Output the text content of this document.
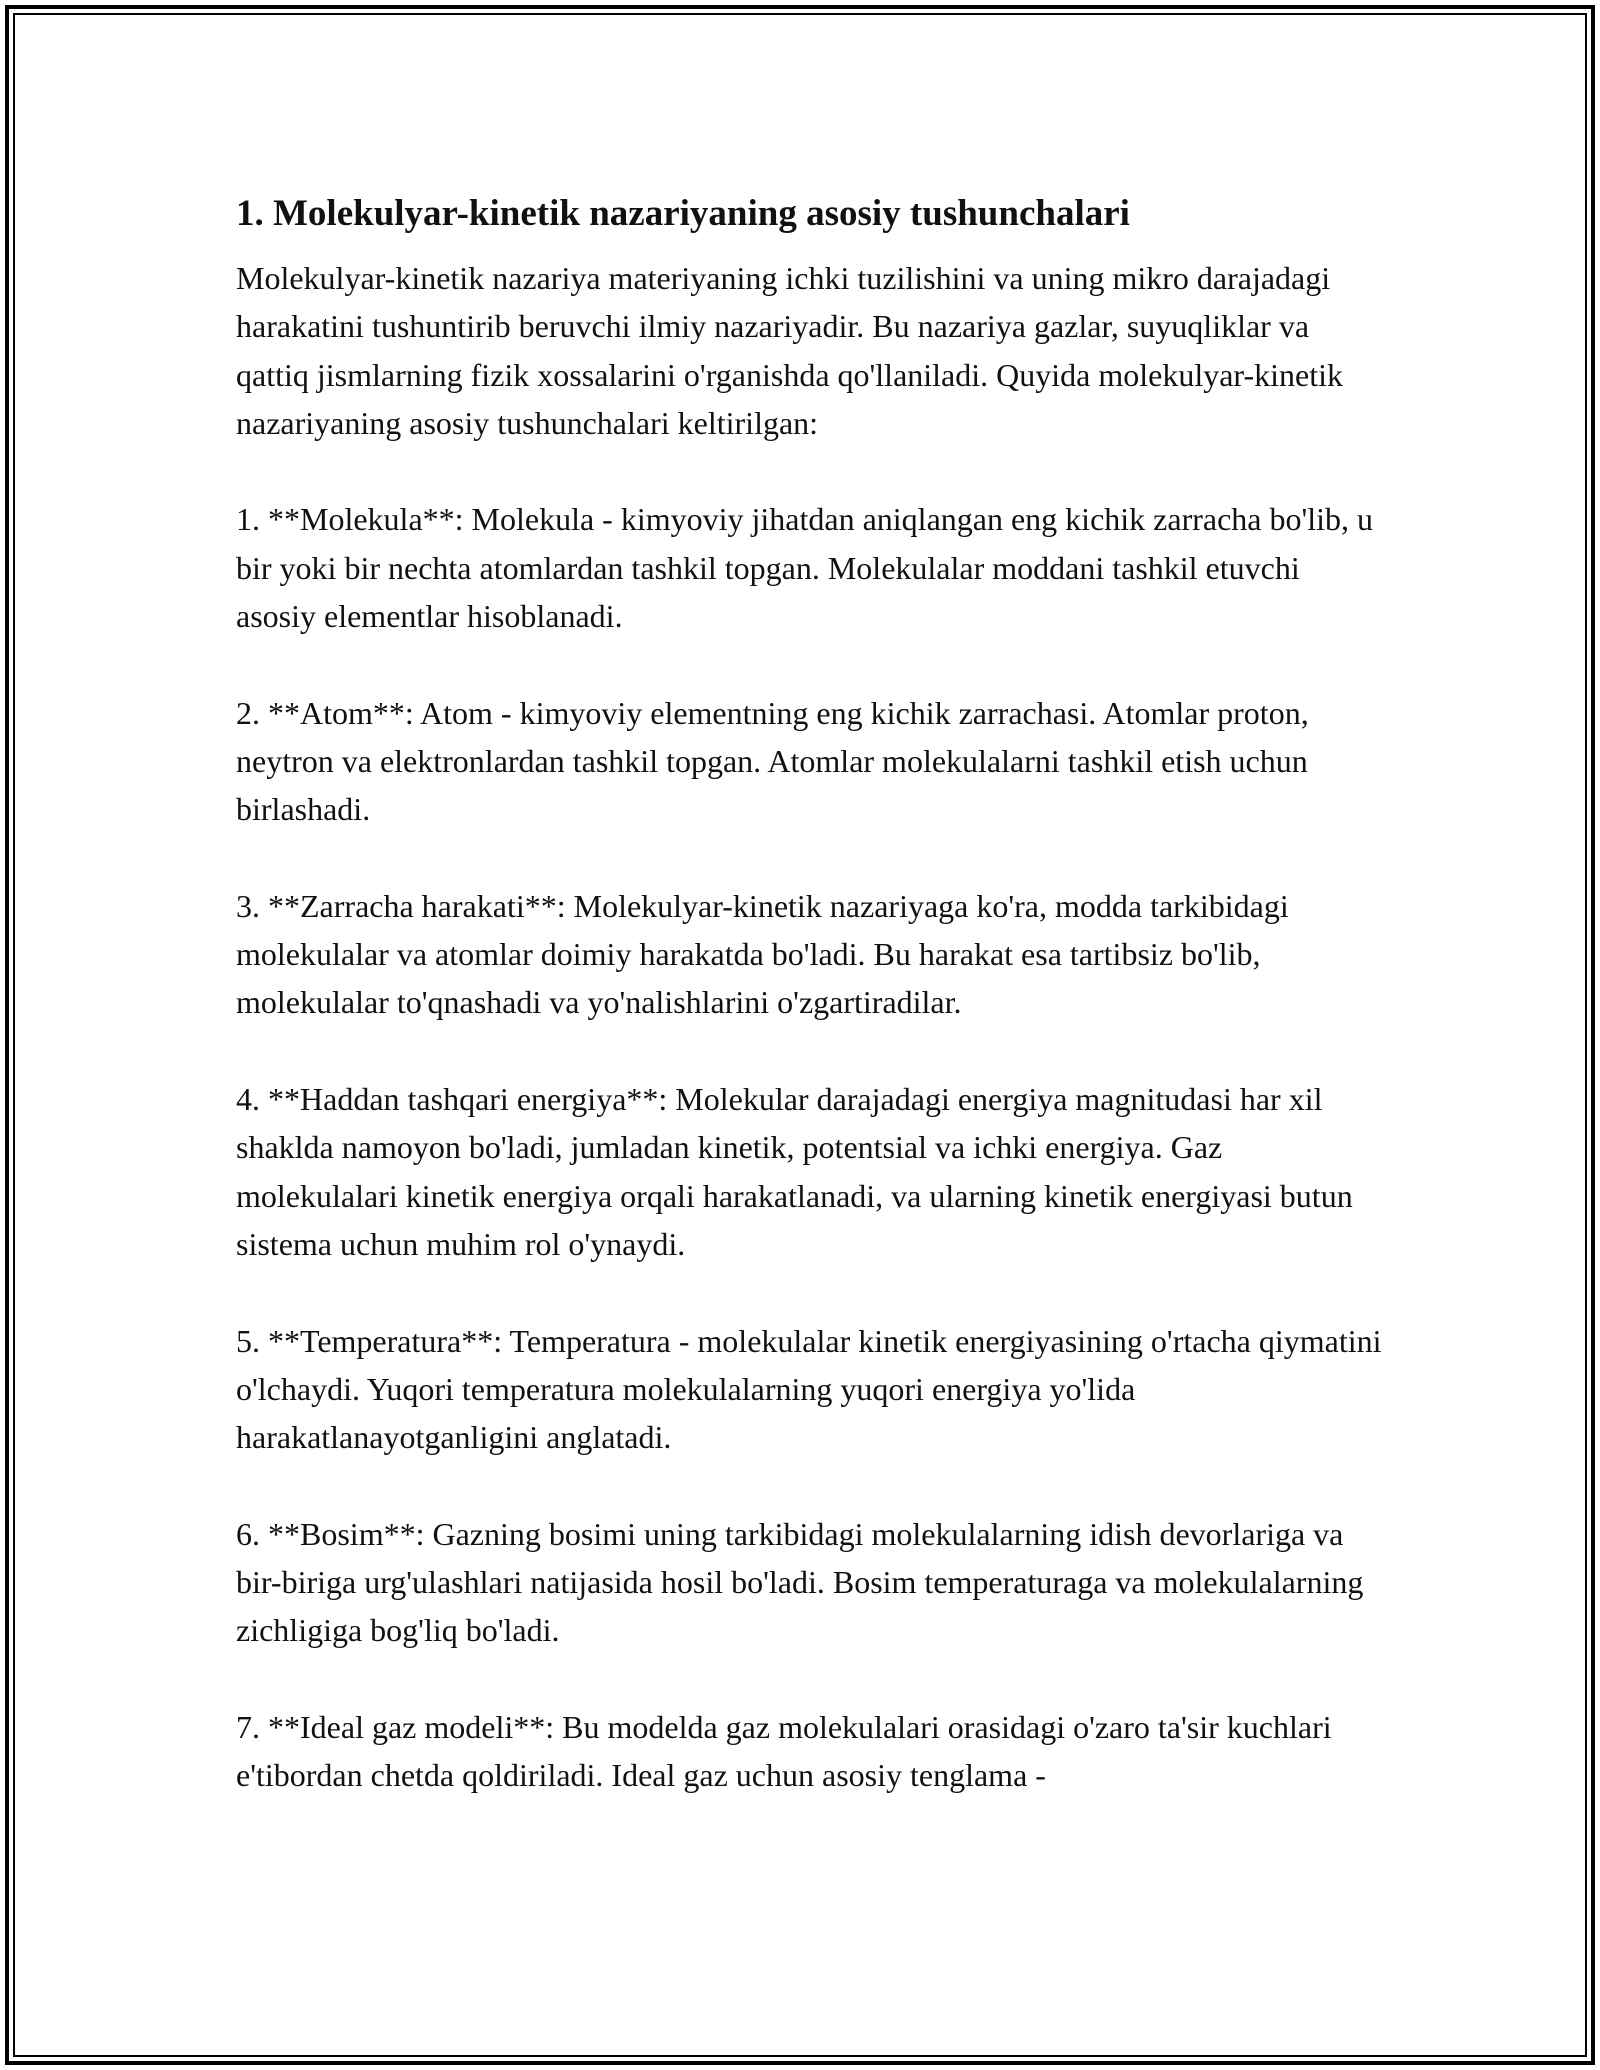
1. Molekulyar-kinetik nazariyaning asosiy tushunchalari

Molekulyar-kinetik nazariya materiyaning ichki tuzilishini va uning mikro darajadagi harakatini tushuntirib beruvchi ilmiy nazariyadir. Bu nazariya gazlar, suyuqliklar va qattiq jismlarning fizik xossalarini o'rganishda qo'llaniladi. Quyida molekulyar-kinetik nazariyaning asosiy tushunchalari keltirilgan:

1. **Molekula**: Molekula - kimyoviy jihatdan aniqlangan eng kichik zarracha bo'lib, u bir yoki bir nechta atomlardan tashkil topgan. Molekulalar moddani tashkil etuvchi asosiy elementlar hisoblanadi.

2. **Atom**: Atom - kimyoviy elementning eng kichik zarrachasi. Atomlar proton, neytron va elektronlardan tashkil topgan. Atomlar molekulalarni tashkil etish uchun birlashadi.

3. **Zarracha harakati**: Molekulyar-kinetik nazariyaga ko'ra, modda tarkibidagi molekulalar va atomlar doimiy harakatda bo'ladi. Bu harakat esa tartibsiz bo'lib, molekulalar to'qnashadi va yo'nalishlarini o'zgartiradilar.

4. **Haddan tashqari energiya**: Molekular darajadagi energiya magnitudasi har xil shaklda namoyon bo'ladi, jumladan kinetik, potentsial va ichki energiya. Gaz molekulalari kinetik energiya orqali harakatlanadi, va ularning kinetik energiyasi butun sistema uchun muhim rol o'ynaydi.

5. **Temperatura**: Temperatura - molekulalar kinetik energiyasining o'rtacha qiymatini o'lchaydi. Yuqori temperatura molekulalarning yuqori energiya yo'lida harakatlanayotganligini anglatadi.

6. **Bosim**: Gazning bosimi uning tarkibidagi molekulalarning idish devorlariga va bir-biriga urg'ulashlari natijasida hosil bo'ladi. Bosim temperaturaga va molekulalarning zichligiga bog'liq bo'ladi.

7. **Ideal gaz modeli**: Bu modelda gaz molekulalari orasidagi o'zaro ta'sir kuchlari e'tibordan chetda qoldiriladi. Ideal gaz uchun asosiy tenglama -
